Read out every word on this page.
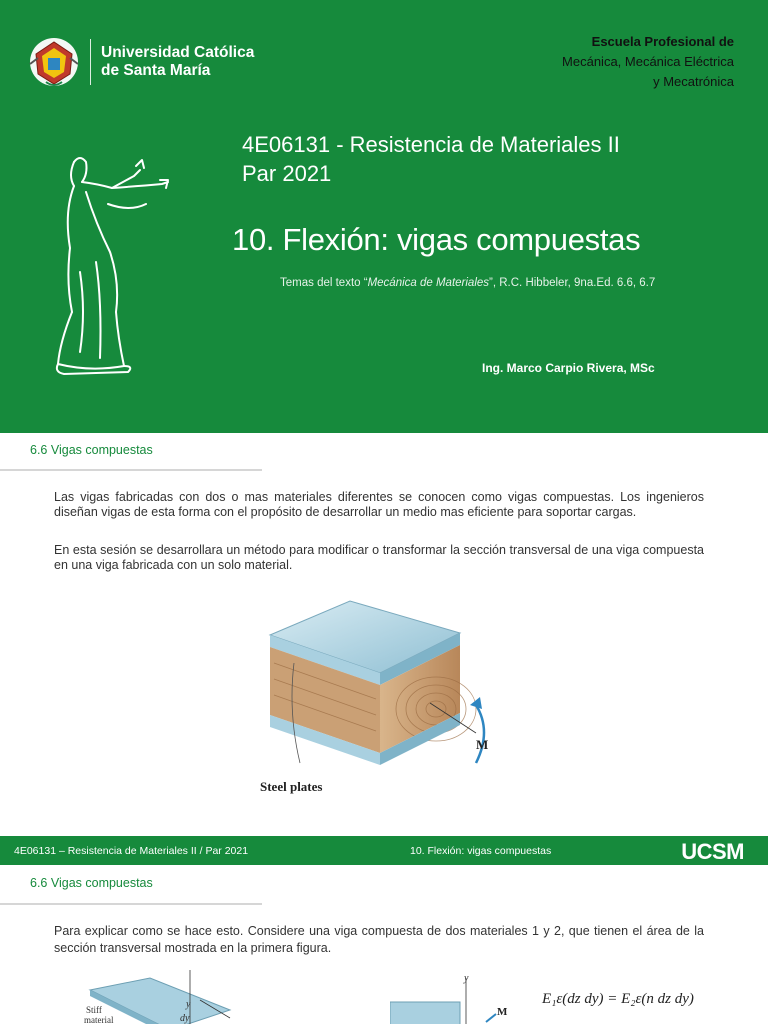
Universidad Católica
de Santa María
Escuela Profesional de
Mecánica, Mecánica Eléctrica
y Mecatrónica
4E06131 - Resistencia de Materiales II
Par 2021
10. Flexión: vigas compuestas
Temas del texto “Mecánica de Materiales”, R.C. Hibbeler, 9na.Ed. 6.6, 6.7
Ing. Marco Carpio Rivera, MSc
6.6 Vigas compuestas

Las vigas fabricadas con dos o mas materiales diferentes se conocen como vigas compuestas. Los ingenieros diseñan vigas de esta forma con el propósito de desarrollar un medio mas eficiente para soportar cargas.

En esta sesión se desarrollara un método para modificar o transformar la sección transversal de una viga compuesta en una viga fabricada con un solo material.

M
Steel plates
4E06131 – Resistencia de Materiales II / Par 2021	10. Flexión: vigas compuestas	UCSM
6.6 Vigas compuestas

Para explicar como se hace esto. Considere una viga compuesta de dos materiales 1 y 2, que tienen el área de la sección transversal mostrada en la primera figura.

Stiff
material
y
dy
y
M
E₁ε(dz dy) = E₂ε(n dz dy)
